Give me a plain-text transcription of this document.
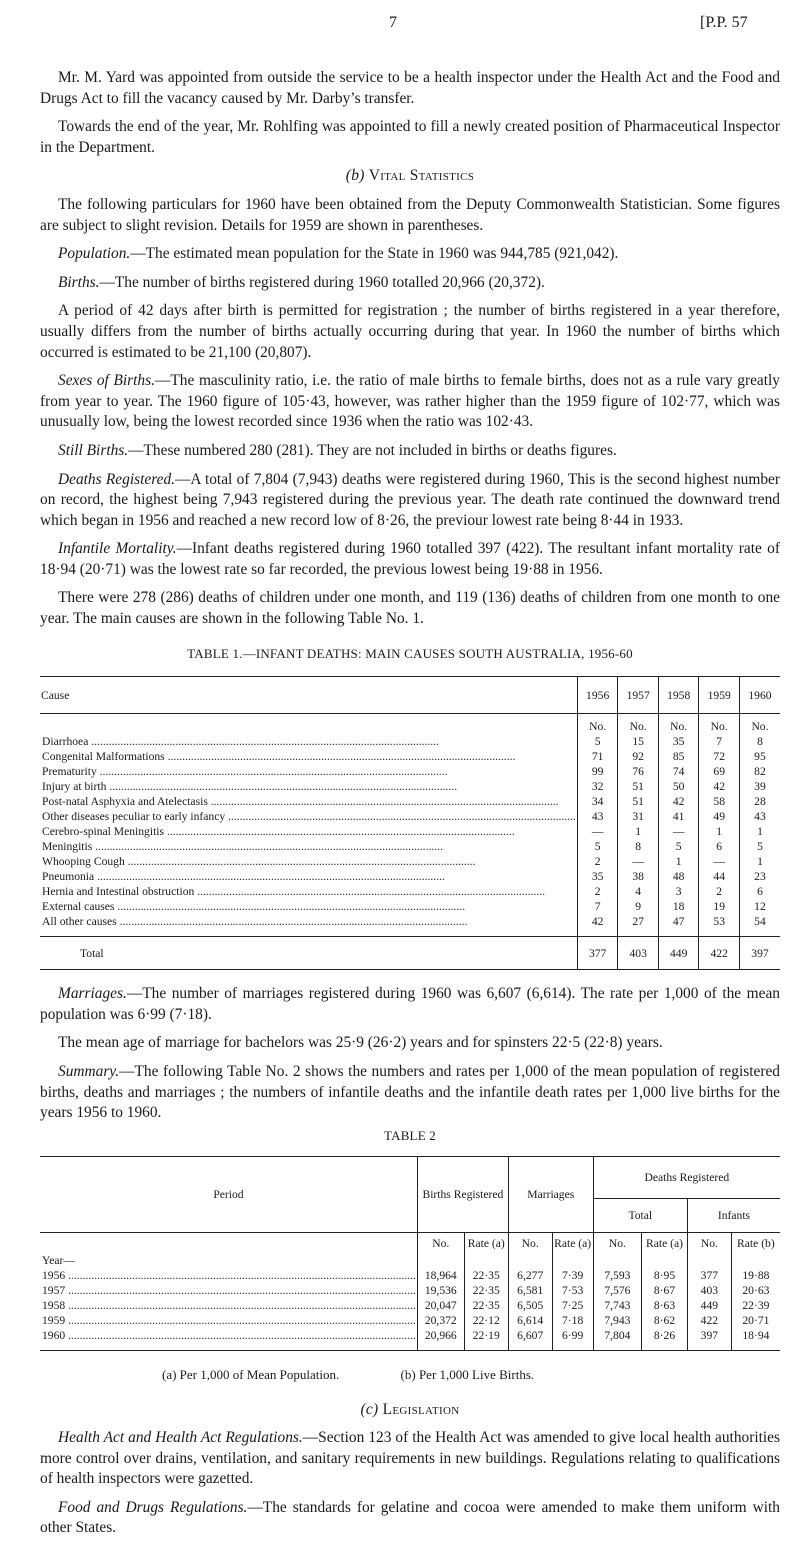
7	[P.P. 57

Mr. M. Yard was appointed from outside the service to be a health inspector under the Health Act and the Food and Drugs Act to fill the vacancy caused by Mr. Darby’s transfer.

Towards the end of the year, Mr. Rohlfing was appointed to fill a newly created position of Pharmaceutical Inspector in the Department.

(b) Vital Statistics

The following particulars for 1960 have been obtained from the Deputy Commonwealth Statistician. Some figures are subject to slight revision. Details for 1959 are shown in parentheses.

Population.—The estimated mean population for the State in 1960 was 944,785 (921,042).

Births.—The number of births registered during 1960 totalled 20,966 (20,372).

A period of 42 days after birth is permitted for registration ; the number of births registered in a year therefore, usually differs from the number of births actually occurring during that year. In 1960 the number of births which occurred is estimated to be 21,100 (20,807).

Sexes of Births.—The masculinity ratio, i.e. the ratio of male births to female births, does not as a rule vary greatly from year to year. The 1960 figure of 105·43, however, was rather higher than the 1959 figure of 102·77, which was unusually low, being the lowest recorded since 1936 when the ratio was 102·43.

Still Births.—These numbered 280 (281). They are not included in births or deaths figures.

Deaths Registered.—A total of 7,804 (7,943) deaths were registered during 1960, This is the second highest number on record, the highest being 7,943 registered during the previous year. The death rate continued the downward trend which began in 1956 and reached a new record low of 8·26, the previour lowest rate being 8·44 in 1933.

Infantile Mortality.—Infant deaths registered during 1960 totalled 397 (422). The resultant infant mortality rate of 18·94 (20·71) was the lowest rate so far recorded, the previous lowest being 19·88 in 1956.

There were 278 (286) deaths of children under one month, and 119 (136) deaths of children from one month to one year. The main causes are shown in the following Table No. 1.

TABLE 1.—INFANT DEATHS: MAIN CAUSES SOUTH AUSTRALIA, 1956-60
Cause	1956	1957	1958	1959	1960
	No.	No.	No.	No.	No.
Diarrhoea ........................................................................................................................	5	15	35	7	8
Congenital Malformations ........................................................................................................................	71	92	85	72	95
Prematurity ........................................................................................................................	99	76	74	69	82
Injury at birth ........................................................................................................................	32	51	50	42	39
Post-natal Asphyxia and Atelectasis ........................................................................................................................	34	51	42	58	28
Other diseases peculiar to early infancy ........................................................................................................................	43	31	41	49	43
Cerebro-spinal Meningitis ........................................................................................................................	—	1	—	1	1
Meningitis ........................................................................................................................	5	8	5	6	5
Whooping Cough ........................................................................................................................	2	—	1	—	1
Pneumonia ........................................................................................................................	35	38	48	44	23
Hernia and Intestinal obstruction ........................................................................................................................	2	4	3	2	6
External causes ........................................................................................................................	7	9	18	19	12
All other causes ........................................................................................................................	42	27	47	53	54
Total	377	403	449	422	397

Marriages.—The number of marriages registered during 1960 was 6,607 (6,614). The rate per 1,000 of the mean population was 6·99 (7·18).

The mean age of marriage for bachelors was 25·9 (26·2) years and for spinsters 22·5 (22·8) years.

Summary.—The following Table No. 2 shows the numbers and rates per 1,000 of the mean population of registered births, deaths and marriages ; the numbers of infantile deaths and the infantile death rates per 1,000 live births for the years 1956 to 1960.

TABLE 2
Period	Births Registered		Marriages		Deaths Registered			
					Total		Infants	
	No.	Rate (a)	No.	Rate (a)	No.	Rate (a)	No.	Rate (b)
Year—								
1956 ........................................................................................................................	18,964	22·35	6,277	7·39	7,593	8·95	377	19·88
1957 ........................................................................................................................	19,536	22·35	6,581	7·53	7,576	8·67	403	20·63
1958 ........................................................................................................................	20,047	22·35	6,505	7·25	7,743	8·63	449	22·39
1959 ........................................................................................................................	20,372	22·12	6,614	7·18	7,943	8·62	422	20·71
1960 ........................................................................................................................	20,966	22·19	6,607	6·99	7,804	8·26	397	18·94
(a) Per 1,000 of Mean Population.	(b) Per 1,000 Live Births.
(c) Legislation

Health Act and Health Act Regulations.—Section 123 of the Health Act was amended to give local health authorities more control over drains, ventilation, and sanitary requirements in new buildings. Regulations relating to qualifications of health inspectors were gazetted.

Food and Drugs Regulations.—The standards for gelatine and cocoa were amended to make them uniform with other States.
